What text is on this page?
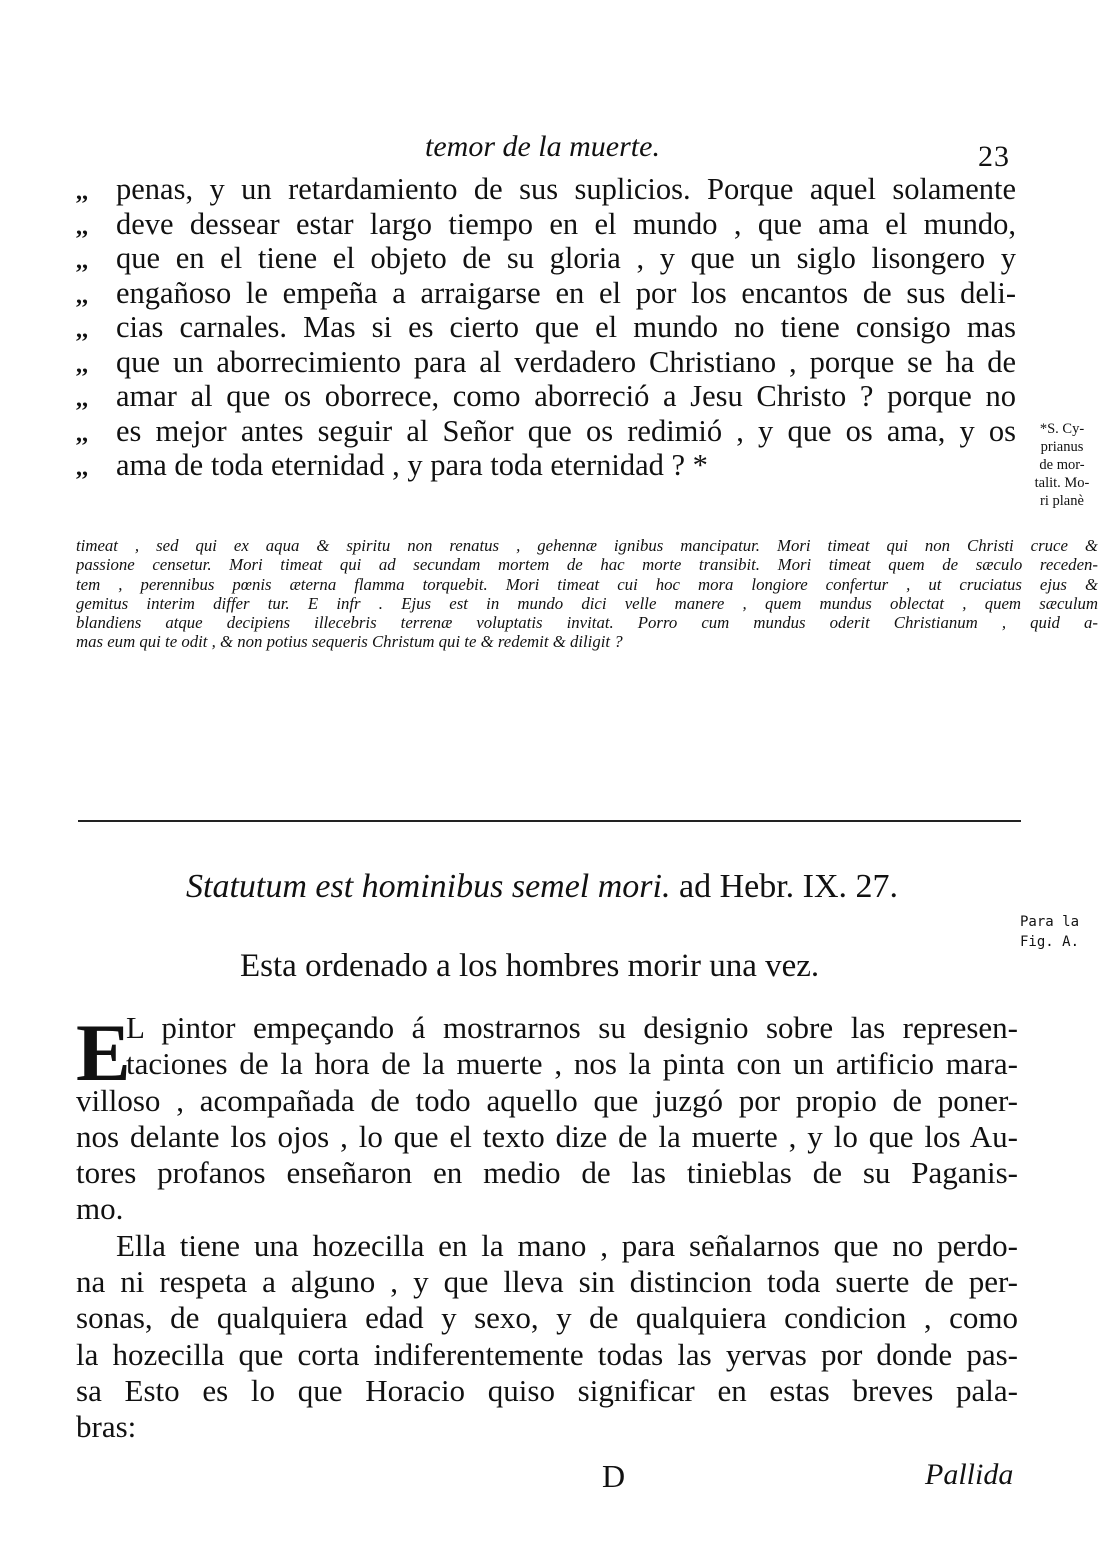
temor de la muerte.	23
,, penas, y un retardamiento de sus suplicios. Porque aquel solamente
,, deve dessear estar largo tiempo en el mundo , que ama el mundo,
,, que en el tiene el objeto de su gloria , y que un siglo lisongero y
,, engañoso le empeña a arraigarse en el por los encantos de sus deli-
,, cias carnales. Mas si es cierto que el mundo no tiene consigo mas
,, que un aborrecimiento para al verdadero Christiano , porque se ha de
,, amar al que os oborrece, como aborreció a Jesu Christo ? porque no
,, es mejor antes seguir al Señor que os redimió , y que os ama, y os
,, ama de toda eternidad , y para toda eternidad ? *
*S. Cy-
prianus
de mor-
talit. Mo-
ri planè
timeat , sed qui ex aqua & spiritu non renatus , gehennæ ignibus mancipatur. Mori timeat qui non Christi cruce &
passione censetur. Mori timeat qui ad secundam mortem de hac morte transibit. Mori timeat quem de sæculo receden-
tem , perennibus pœnis æterna flamma torquebit. Mori timeat cui hoc mora longiore confertur , ut cruciatus ejus &
gemitus interim differ tur. E infr . Ejus est in mundo dici velle manere , quem mundus oblectat , quem sæculum
blandiens atque decipiens illecebris terrenæ voluptatis invitat. Porro cum mundus oderit Christianum , quid a-
mas eum qui te odit , & non potius sequeris Christum qui te & redemit & diligit ?
Statutum est hominibus semel mori. ad Hebr. IX. 27.
Para la
Fig. A.
Esta ordenado a los hombres morir una vez.
E
L pintor empeçando á mostrarnos su designio sobre las represen-
taciones de la hora de la muerte , nos la pinta con un artificio mara-
villoso , acompañada de todo aquello que juzgó por propio de poner-
nos delante los ojos , lo que el texto dize de la muerte , y lo que los Au-
tores profanos enseñaron en medio de las tinieblas de su Paganis-
mo.
Ella tiene una hozecilla en la mano , para señalarnos que no perdo-
na ni respeta a alguno , y que lleva sin distincion toda suerte de per-
sonas, de qualquiera edad y sexo, y de qualquiera condicion , como
la hozecilla que corta indiferentemente todas las yervas por donde pas-
sa Esto es lo que Horacio quiso significar en estas breves pala-
bras:
D	Pallida
